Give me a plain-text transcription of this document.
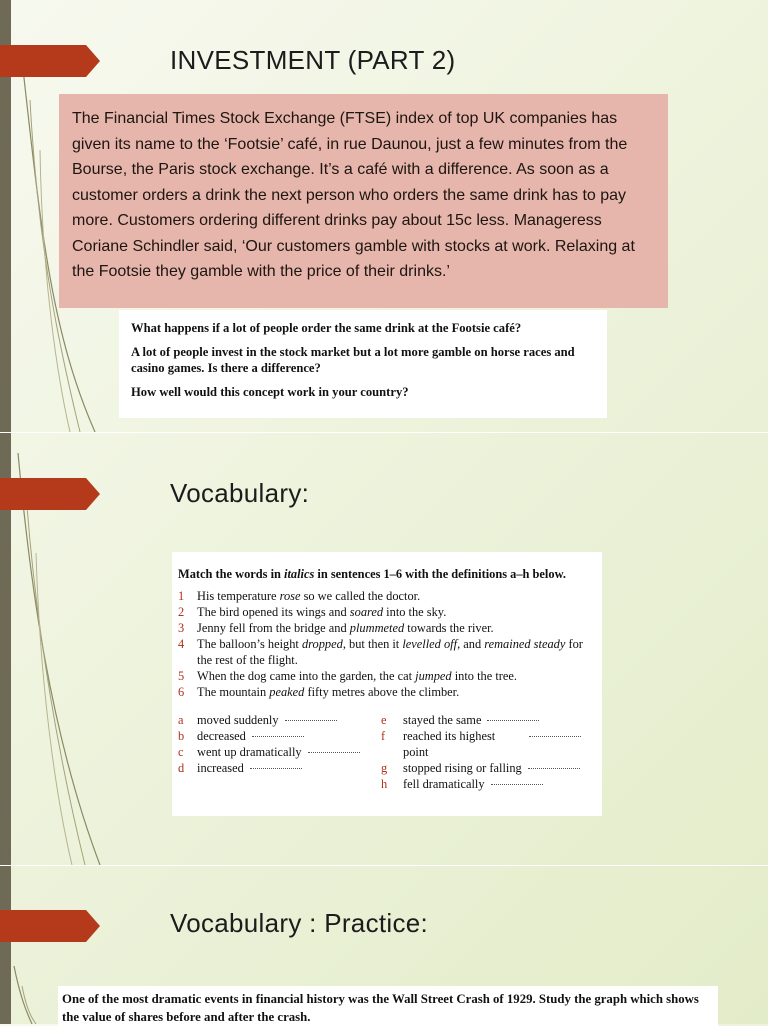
INVESTMENT (PART 2)

The Financial Times Stock Exchange (FTSE) index of top UK companies has given its name to the ‘Footsie’ café, in rue Daunou, just a few minutes from the Bourse, the Paris stock exchange. It’s a café with a difference. As soon as a customer orders a drink the next person who orders the same drink has to pay more. Customers ordering different drinks pay about 15c less. Manageress Coriane Schindler said, ‘Our customers gamble with stocks at work. Relaxing at the Footsie they gamble with the price of their drinks.’

What happens if a lot of people order the same drink at the Footsie café?

A lot of people invest in the stock market but a lot more gamble on horse races and casino games. Is there a difference?

How well would this concept work in your country?

Vocabulary:
Match the words in italics in sentences 1–6 with the definitions a–h below.
1	His temperature rose so we called the doctor.
2	The bird opened its wings and soared into the sky.
3	Jenny fell from the bridge and plummeted towards the river.
4	The balloon’s height dropped, but then it levelled off, and remained steady for the rest of the flight.
5	When the dog came into the garden, the cat jumped into the tree.
6	The mountain peaked fifty metres above the climber.
a	moved suddenly
b	decreased
c	went up dramatically
d	increased
e	stayed the same
f	reached its highest point
g	stopped rising or falling
h	fell dramatically
Vocabulary : Practice:
One of the most dramatic events in financial history was the Wall Street Crash of 1929. Study the graph which shows the value of shares before and after the crash.
